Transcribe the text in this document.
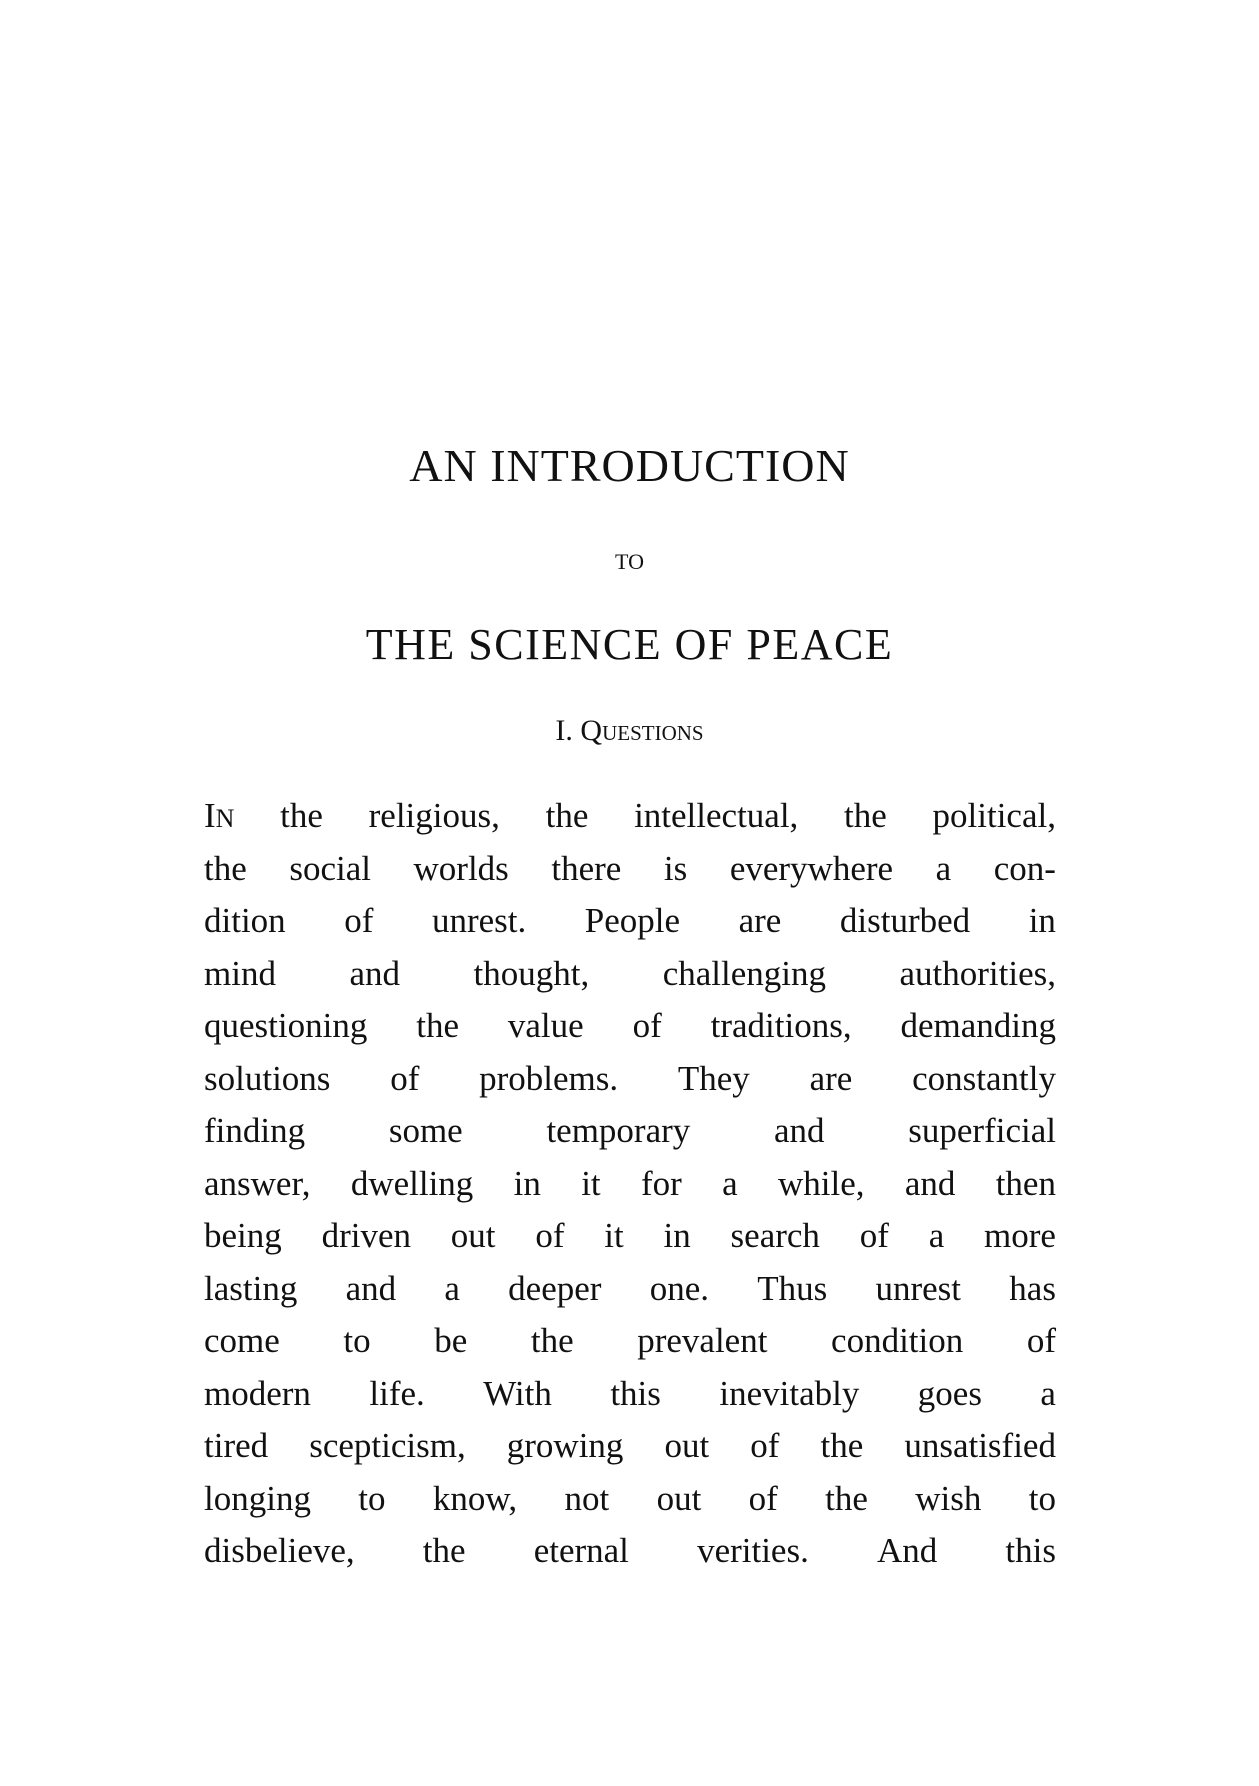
AN INTRODUCTION
TO
THE SCIENCE OF PEACE
I. Questions
IN the religious, the intellectual, the political,
the social worlds there is everywhere a con-
dition of unrest. People are disturbed in
mind and thought, challenging authorities,
questioning the value of traditions, demanding
solutions of problems. They are constantly
finding some temporary and superficial
answer, dwelling in it for a while, and then
being driven out of it in search of a more
lasting and a deeper one. Thus unrest has
come to be the prevalent condition of
modern life. With this inevitably goes a
tired scepticism, growing out of the unsatisfied
longing to know, not out of the wish to
disbelieve, the eternal verities. And this
